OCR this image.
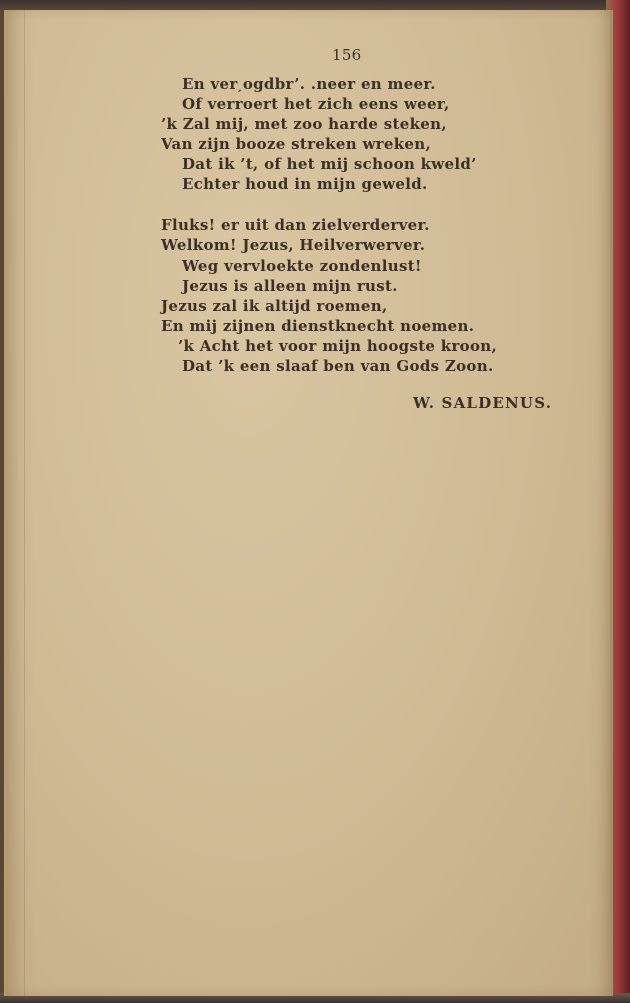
156
En verˏogdbr’. .neer en meer.
Of verroert het zich eens weer,
’k Zal mij, met zoo harde steken,
Van zijn booze streken wreken,
Dat ik ’t, of het mij schoon kweld’
Echter houd in mijn geweld.
Fluks! er uit dan zielverderver.
Welkom! Jezus, Heilverwerver.
Weg vervloekte zondenlust!
Jezus is alleen mijn rust.
Jezus zal ik altijd roemen,
En mij zijnen dienstknecht noemen.
’k Acht het voor mijn hoogste kroon,
Dat ’k een slaaf ben van Gods Zoon.
W. SALDENUS.
